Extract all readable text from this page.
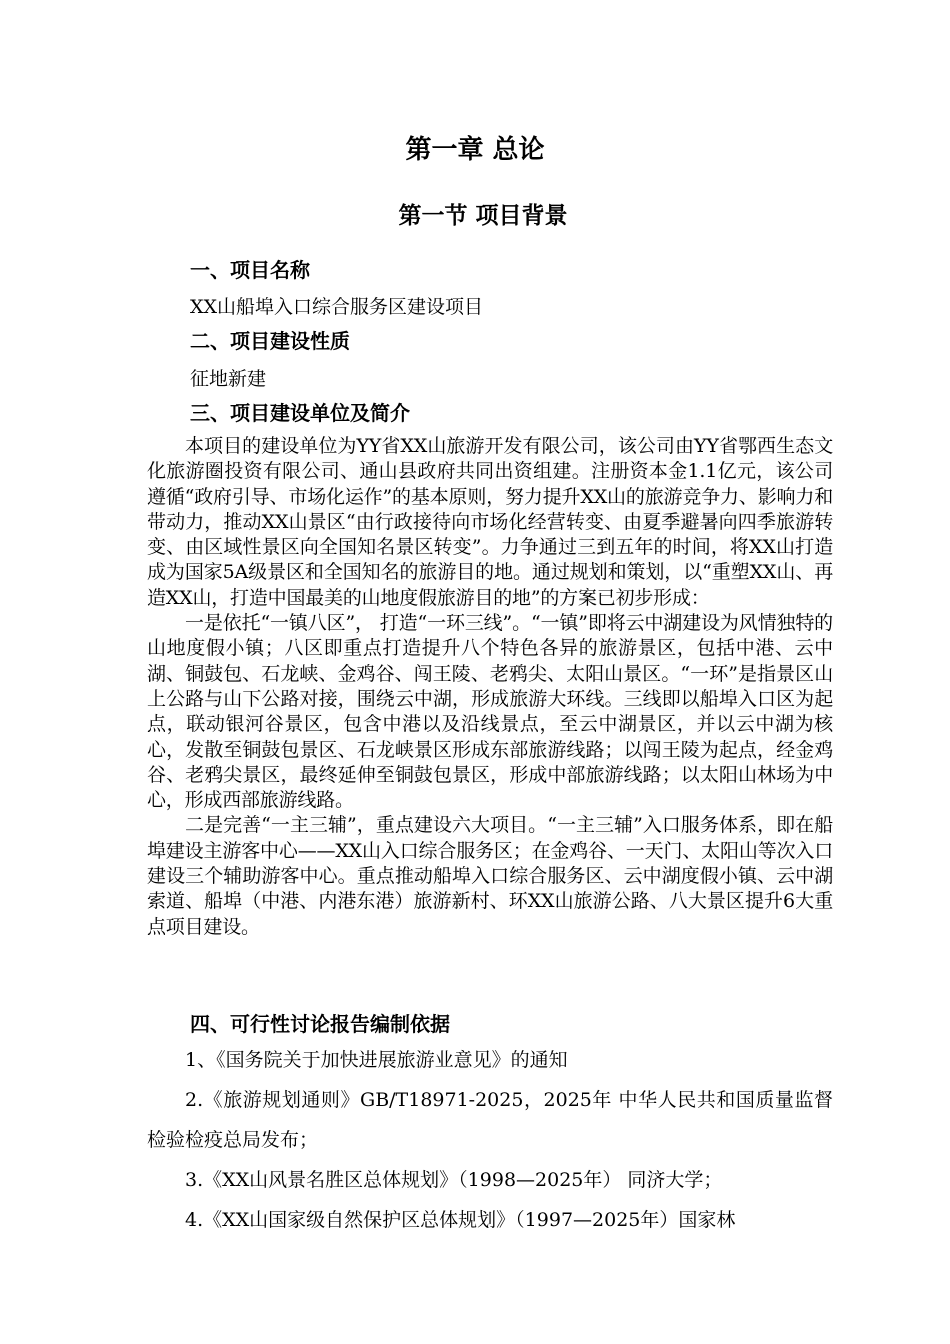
第一章 总论
第一节 项目背景
一、项目名称
XX山船埠入口综合服务区建设项目
二、项目建设性质
征地新建
三、项目建设单位及简介

本项目的建设单位为YY省XX山旅游开发有限公司，该公司由YY省鄂西生态文化旅游圈投资有限公司、通山县政府共同出资组建。注册资本金1.1亿元，该公司遵循“政府引导、市场化运作”的基本原则，努力提升XX山的旅游竞争力、影响力和带动力，推动XX山景区“由行政接待向市场化经营转变、由夏季避暑向四季旅游转变、由区域性景区向全国知名景区转变”。力争通过三到五年的时间，将XX山打造成为国家5A级景区和全国知名的旅游目的地。通过规划和策划，以“重塑XX山、再造XX山，打造中国最美的山地度假旅游目的地”的方案已初步形成：

一是依托“一镇八区”， 打造“一环三线”。“一镇”即将云中湖建设为风情独特的山地度假小镇；八区即重点打造提升八个特色各异的旅游景区，包括中港、云中湖、铜鼓包、石龙峡、金鸡谷、闯王陵、老鸦尖、太阳山景区。“一环”是指景区山上公路与山下公路对接，围绕云中湖，形成旅游大环线。三线即以船埠入口区为起点，联动银河谷景区，包含中港以及沿线景点，至云中湖景区，并以云中湖为核心，发散至铜鼓包景区、石龙峡景区形成东部旅游线路；以闯王陵为起点，经金鸡谷、老鸦尖景区，最终延伸至铜鼓包景区，形成中部旅游线路；以太阳山林场为中心，形成西部旅游线路。

二是完善“一主三辅”，重点建设六大项目。“一主三辅”入口服务体系，即在船埠建设主游客中心——XX山入口综合服务区；在金鸡谷、一天门、太阳山等次入口建设三个辅助游客中心。重点推动船埠入口综合服务区、云中湖度假小镇、云中湖索道、船埠（中港、内港东港）旅游新村、环XX山旅游公路、八大景区提升6大重点项目建设。

四、可行性讨论报告编制依据

1、《国务院关于加快进展旅游业意见》的通知

2.《旅游规划通则》GB/T18971-2025，2025年 中华人民共和国质量监督检验检疫总局发布；

3.《XX山风景名胜区总体规划》（1998—2025年） 同济大学；

4.《XX山国家级自然保护区总体规划》（1997—2025年）国家林
